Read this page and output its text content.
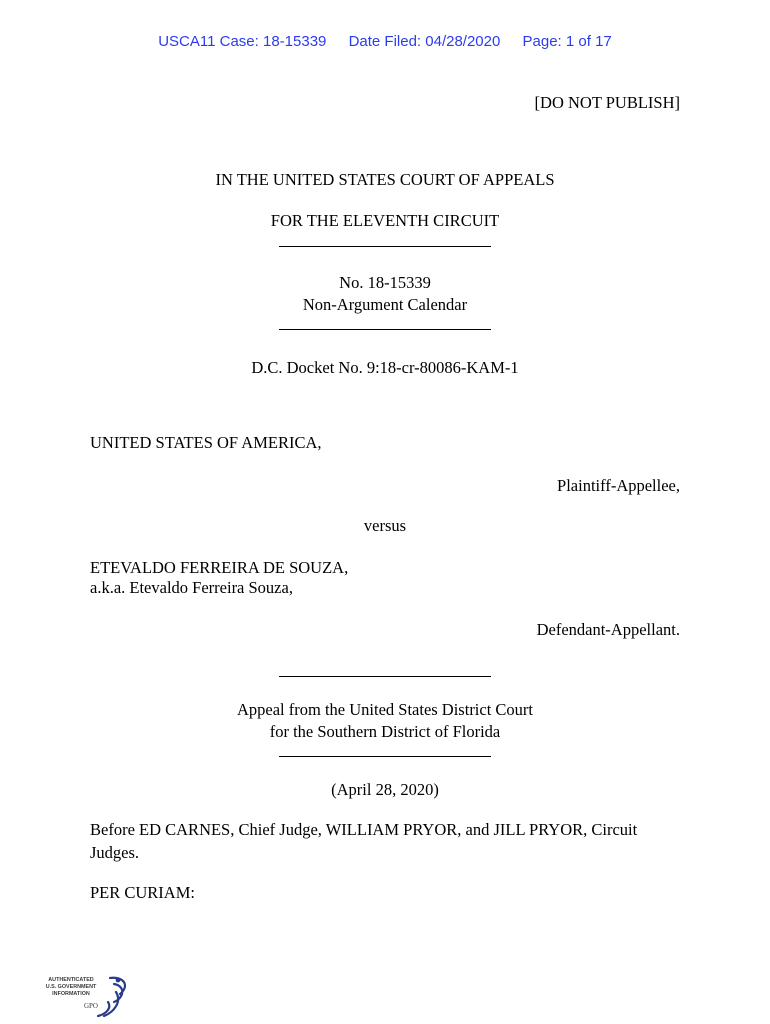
USCA11 Case: 18-15339 Date Filed: 04/28/2020 Page: 1 of 17
[DO NOT PUBLISH]
IN THE UNITED STATES COURT OF APPEALS
FOR THE ELEVENTH CIRCUIT
No. 18-15339
Non-Argument Calendar
D.C. Docket No. 9:18-cr-80086-KAM-1
UNITED STATES OF AMERICA,
Plaintiff-Appellee,
versus
ETEVALDO FERREIRA DE SOUZA,
a.k.a. Etevaldo Ferreira Souza,
Defendant-Appellant.
Appeal from the United States District Court
for the Southern District of Florida
(April 28, 2020)
Before ED CARNES, Chief Judge, WILLIAM PRYOR, and JILL PRYOR, Circuit Judges.
PER CURIAM:
AUTHENTICATED
U.S. GOVERNMENT
INFORMATION
GPO
